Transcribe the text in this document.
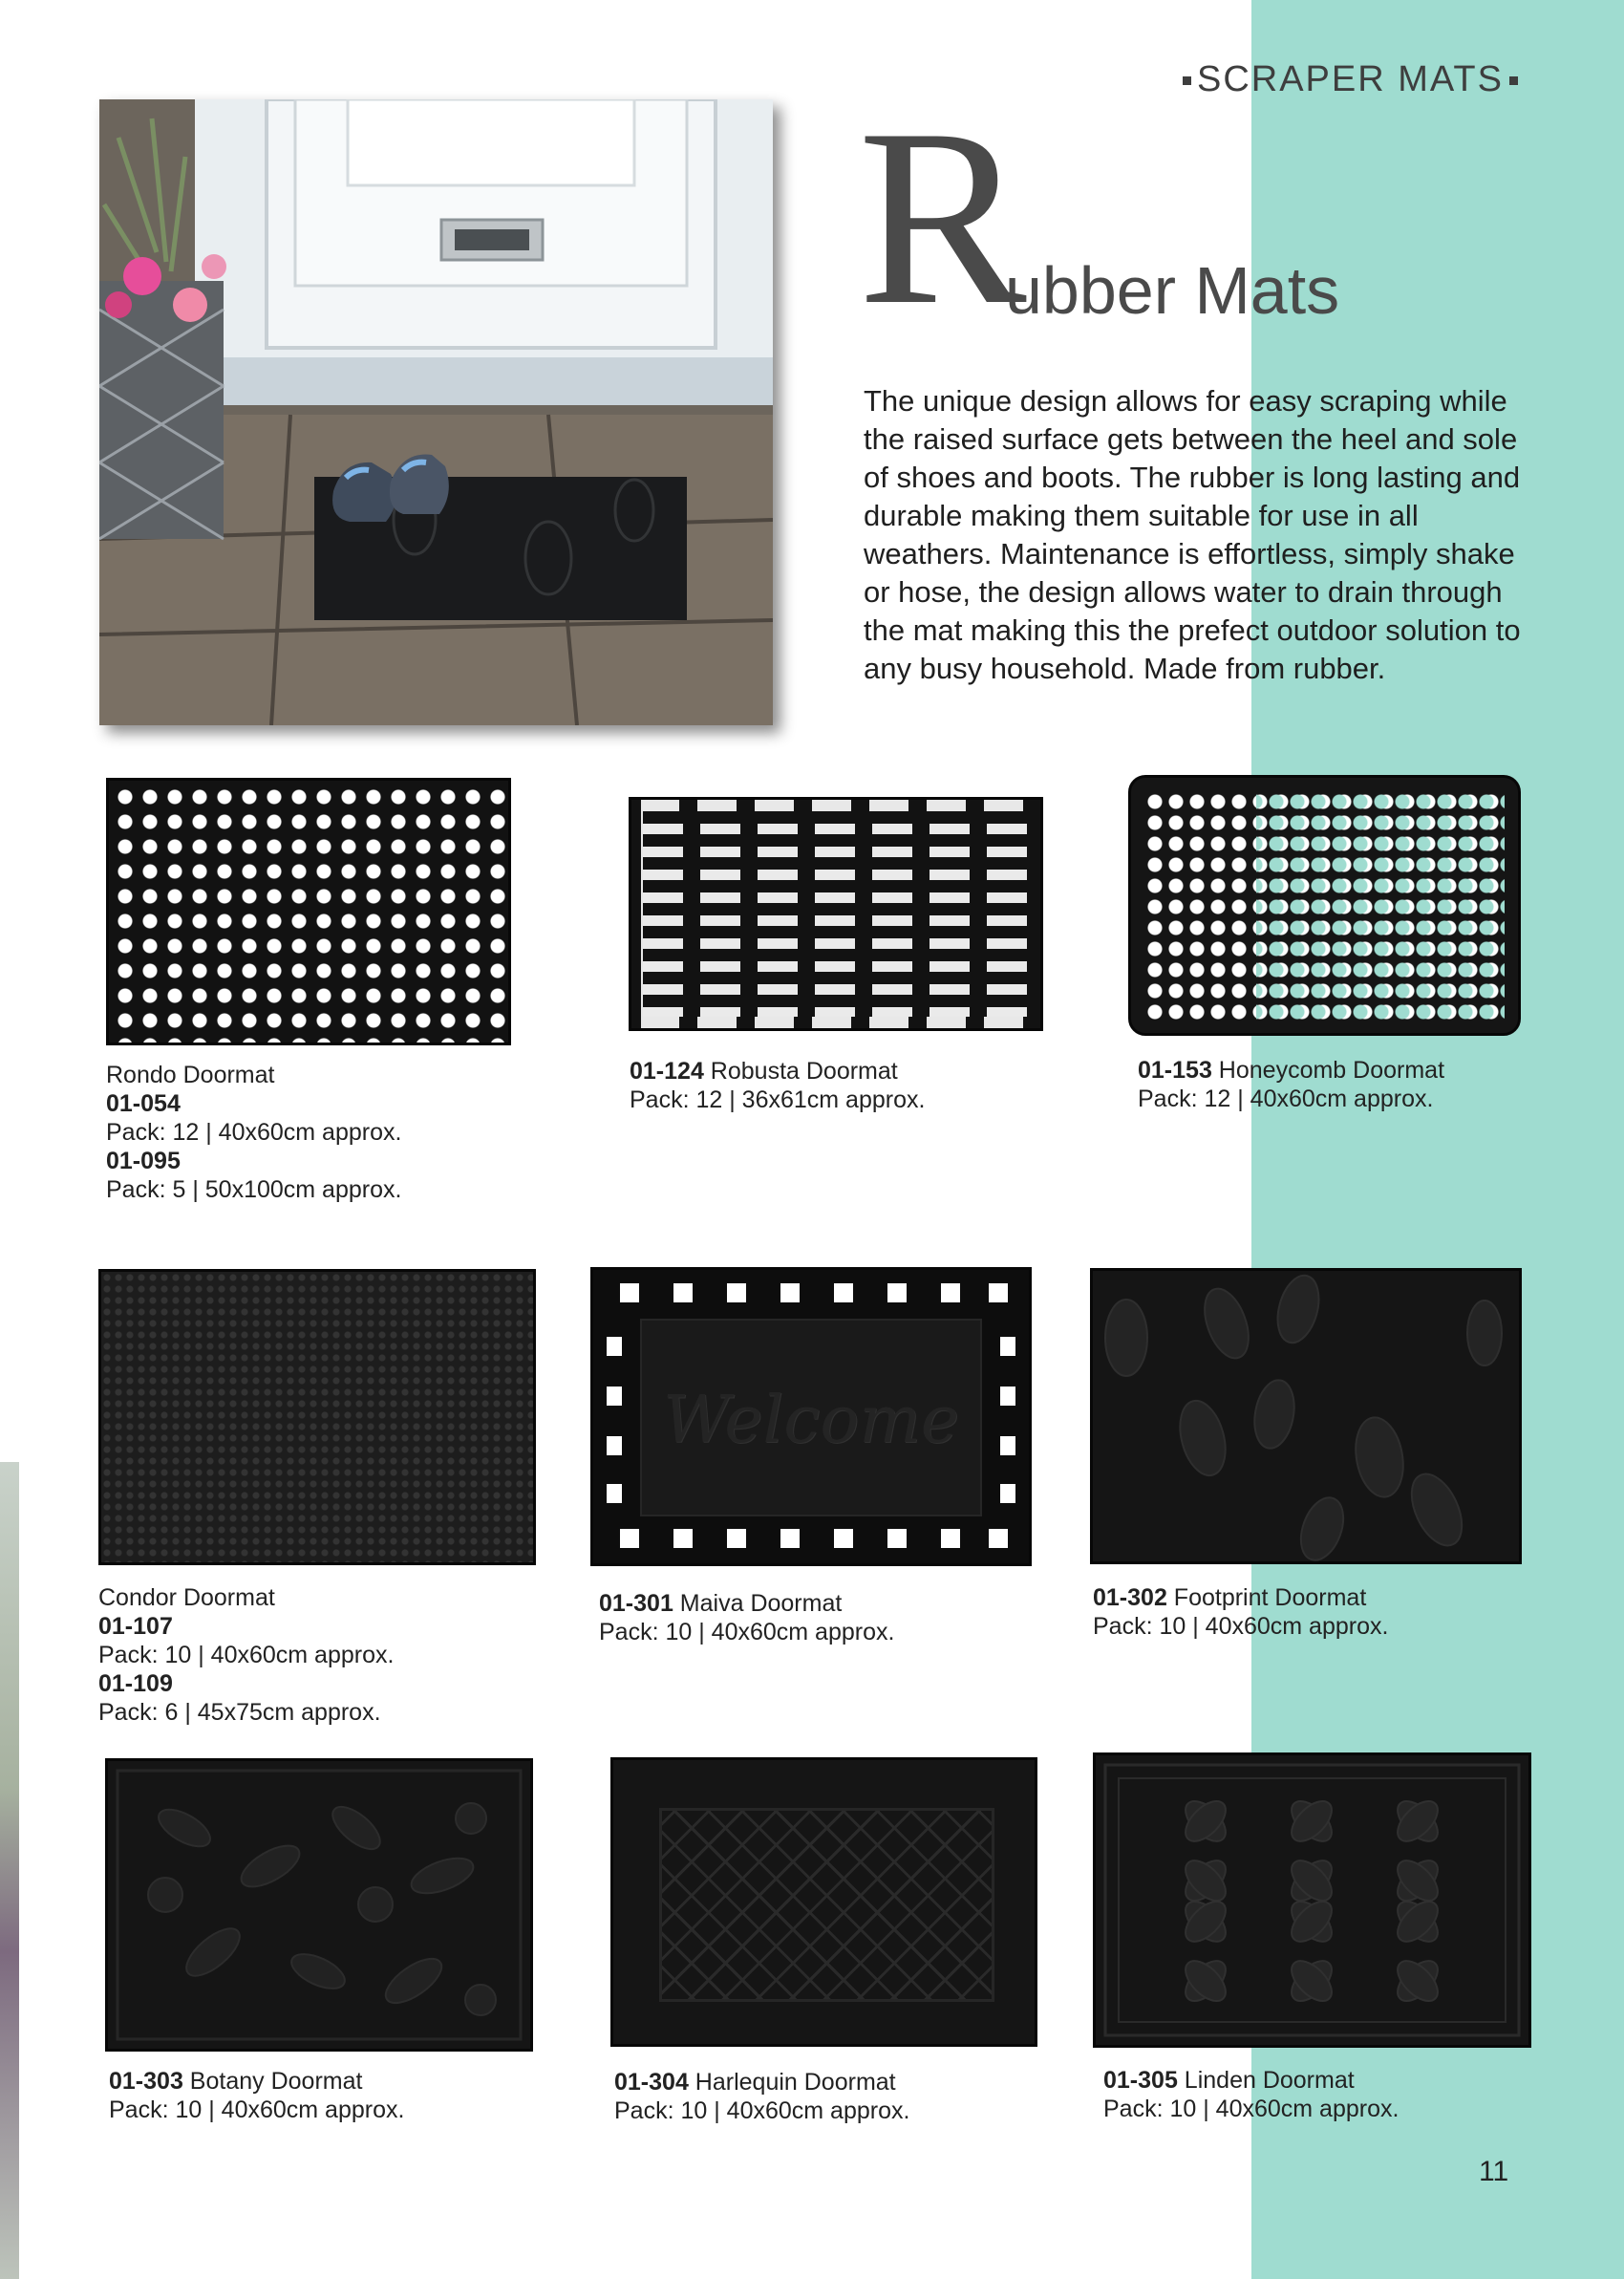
SCRAPER MATS
R
ubber Mats
The unique design allows for easy scraping while the raised surface gets between the heel and sole of shoes and boots. The rubber is long lasting and durable making them suitable for use in all weathers. Maintenance is effortless, simply shake or hose, the design allows water to drain through the mat making this the prefect outdoor solution to any busy household. Made from rubber.
Rondo Doormat
01-054
Pack: 12 | 40x60cm approx.
01-095
Pack: 5 | 50x100cm approx.
01-124 Robusta Doormat
Pack: 12 | 36x61cm approx.
01-153 Honeycomb Doormat
Pack: 12 | 40x60cm approx.
Condor Doormat
01-107
Pack: 10 | 40x60cm approx.
01-109
Pack: 6 | 45x75cm approx.
Welcome
01-301 Maiva Doormat
Pack: 10 | 40x60cm approx.
01-302 Footprint Doormat
Pack: 10 | 40x60cm approx.
01-303 Botany Doormat
Pack: 10 | 40x60cm approx.
01-304 Harlequin Doormat
Pack: 10 | 40x60cm approx.
01-305 Linden Doormat
Pack: 10 | 40x60cm approx.
11
